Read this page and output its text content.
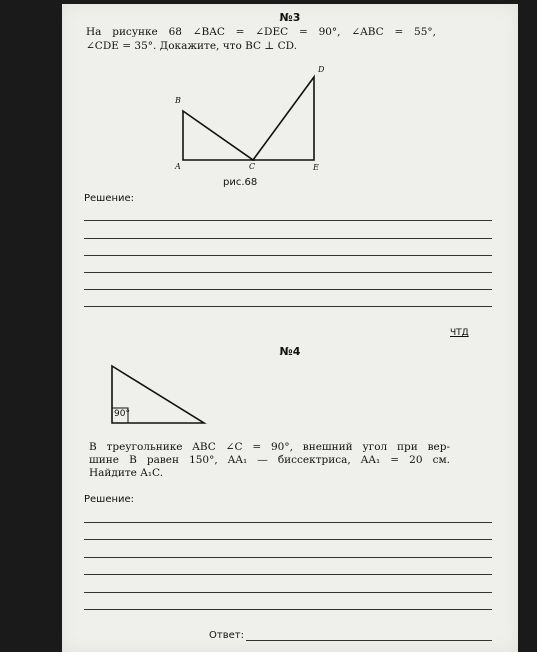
№3
На рисунке 68 ∠BAC = ∠DEC = 90°, ∠ABC = 55°,
∠CDE = 35°. Докажите, что BC ⊥ CD.
B
A	C
D
E
рис.68
Решение:
ЧТД
№4
90°
В треугольнике ABC ∠C = 90°, внешний угол при вер-
шине B равен 150°, AA₁ — биссектриса, AA₁ = 20 см.
Найдите A₁C.
Решение:
Ответ:
